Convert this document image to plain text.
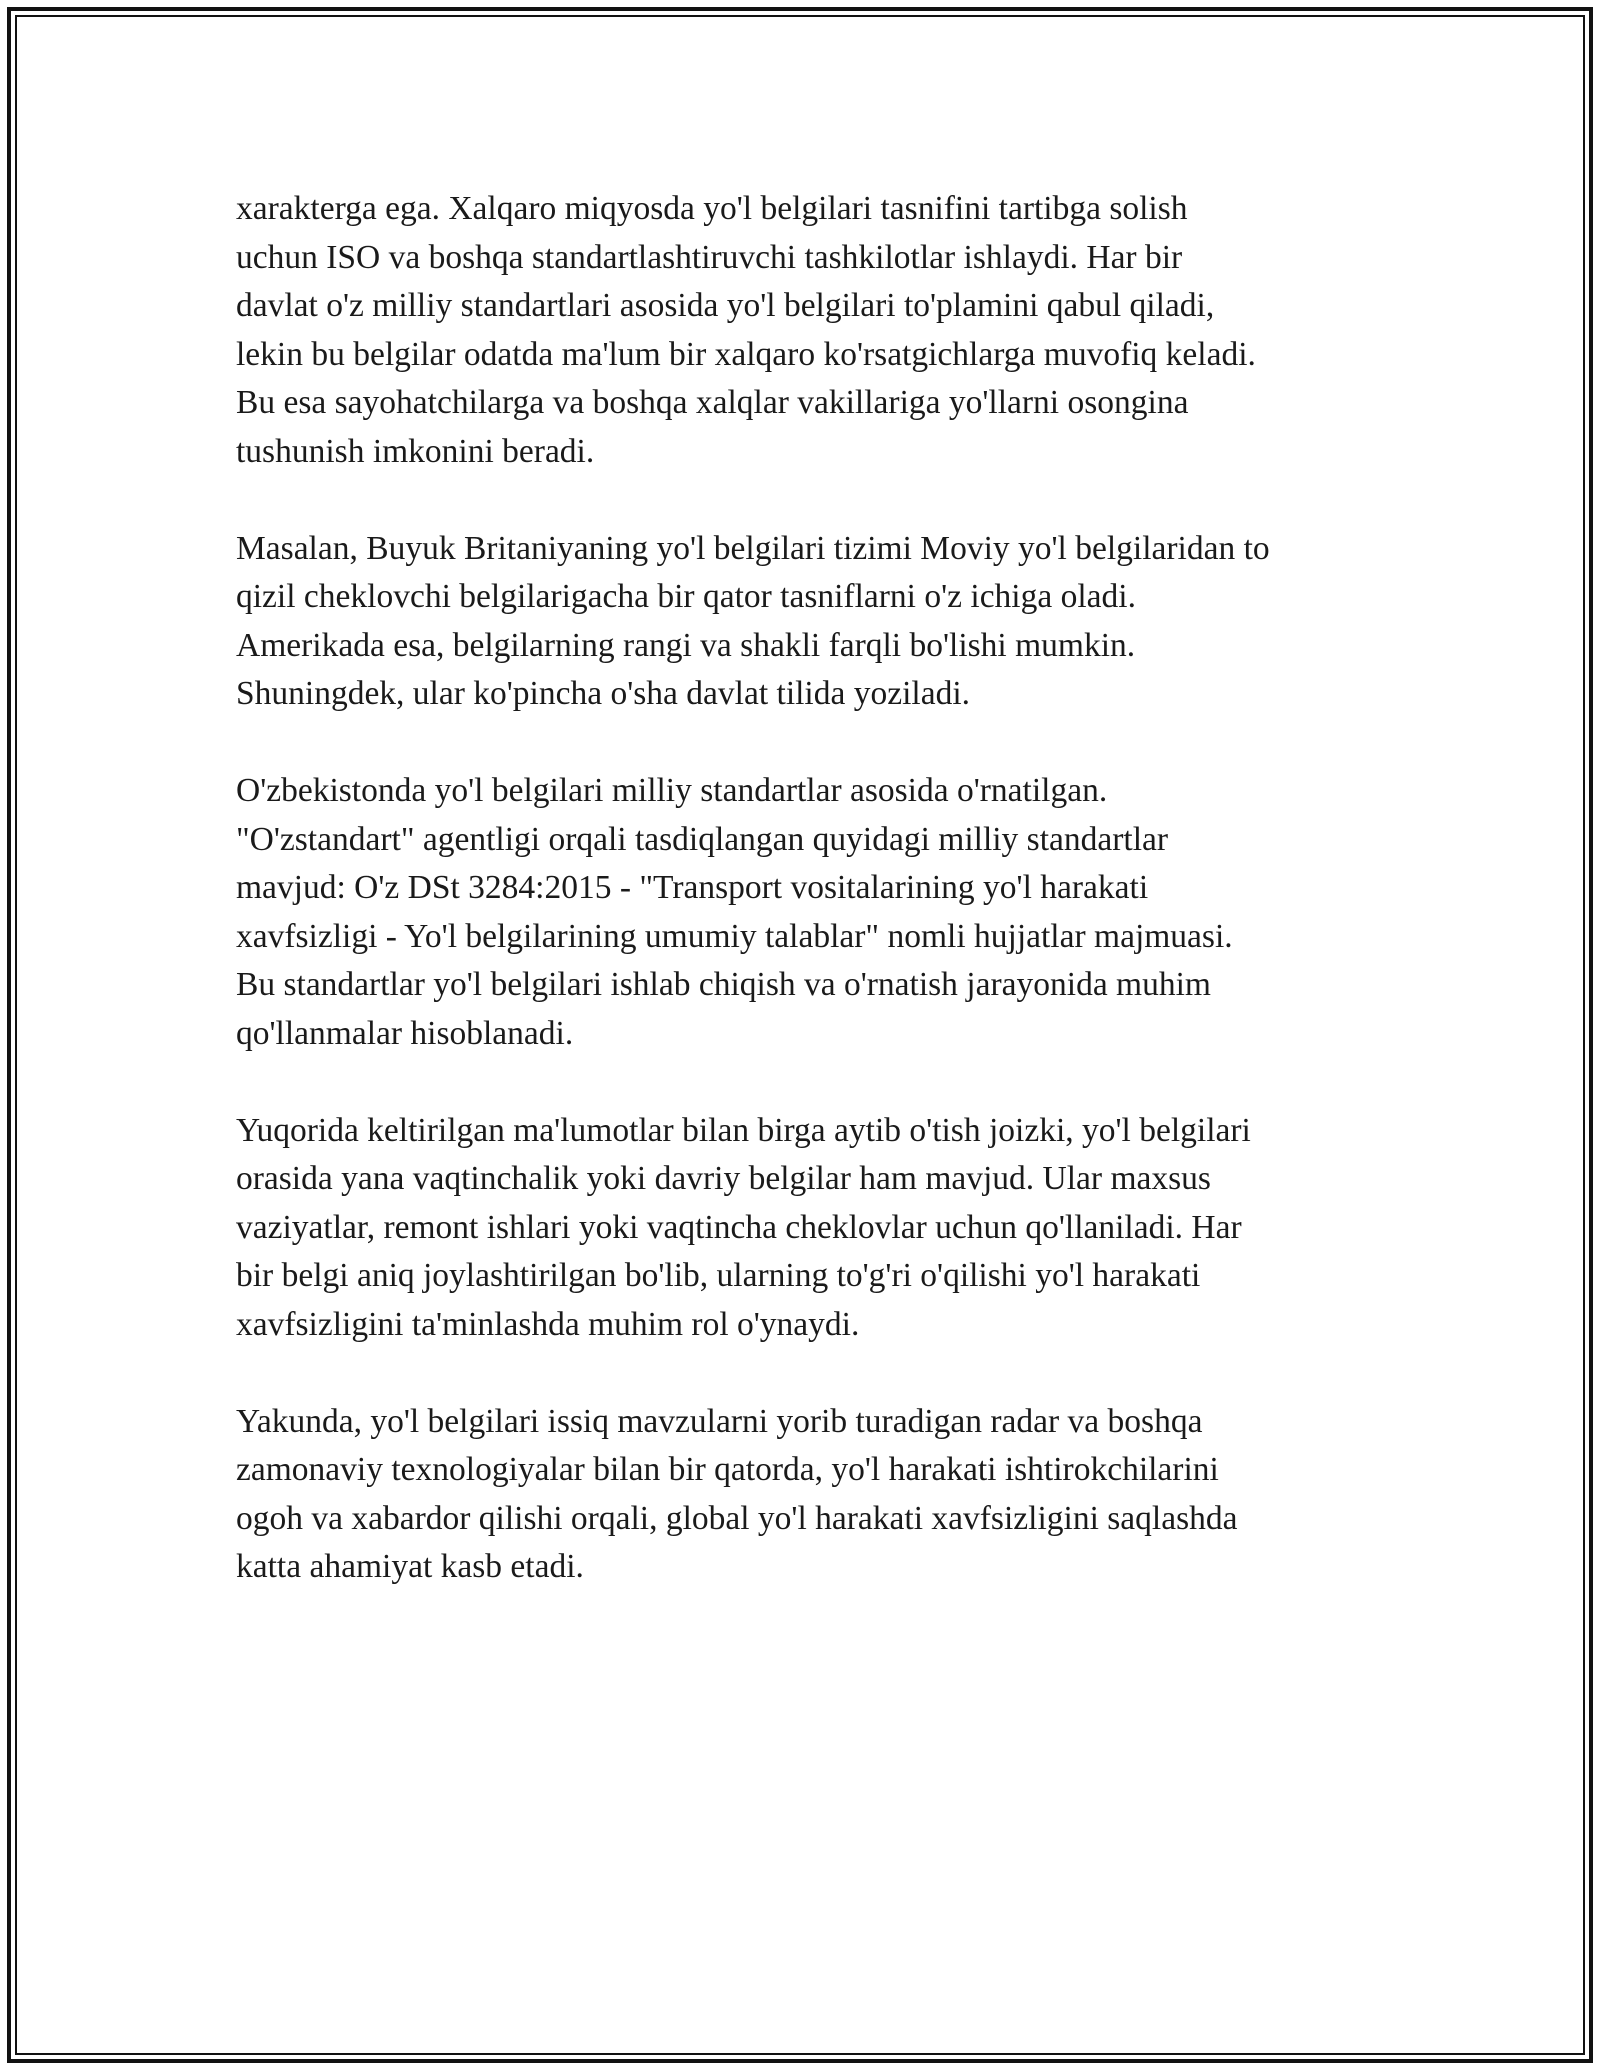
xarakterga ega. Xalqaro miqyosda yo'l belgilari tasnifini tartibga solish
uchun ISO va boshqa standartlashtiruvchi tashkilotlar ishlaydi. Har bir
davlat o'z milliy standartlari asosida yo'l belgilari to'plamini qabul qiladi,
lekin bu belgilar odatda ma'lum bir xalqaro ko'rsatgichlarga muvofiq keladi.
Bu esa sayohatchilarga va boshqa xalqlar vakillariga yo'llarni osongina
tushunish imkonini beradi.

Masalan, Buyuk Britaniyaning yo'l belgilari tizimi Moviy yo'l belgilaridan to
qizil cheklovchi belgilarigacha bir qator tasniflarni o'z ichiga oladi.
Amerikada esa, belgilarning rangi va shakli farqli bo'lishi mumkin.
Shuningdek, ular ko'pincha o'sha davlat tilida yoziladi.

O'zbekistonda yo'l belgilari milliy standartlar asosida o'rnatilgan.
"O'zstandart" agentligi orqali tasdiqlangan quyidagi milliy standartlar
mavjud: O'z DSt 3284:2015 - "Transport vositalarining yo'l harakati
xavfsizligi - Yo'l belgilarining umumiy talablar" nomli hujjatlar majmuasi.
Bu standartlar yo'l belgilari ishlab chiqish va o'rnatish jarayonida muhim
qo'llanmalar hisoblanadi.

Yuqorida keltirilgan ma'lumotlar bilan birga aytib o'tish joizki, yo'l belgilari
orasida yana vaqtinchalik yoki davriy belgilar ham mavjud. Ular maxsus
vaziyatlar, remont ishlari yoki vaqtincha cheklovlar uchun qo'llaniladi. Har
bir belgi aniq joylashtirilgan bo'lib, ularning to'g'ri o'qilishi yo'l harakati
xavfsizligini ta'minlashda muhim rol o'ynaydi.

Yakunda, yo'l belgilari issiq mavzularni yorib turadigan radar va boshqa
zamonaviy texnologiyalar bilan bir qatorda, yo'l harakati ishtirokchilarini
ogoh va xabardor qilishi orqali, global yo'l harakati xavfsizligini saqlashda
katta ahamiyat kasb etadi.
